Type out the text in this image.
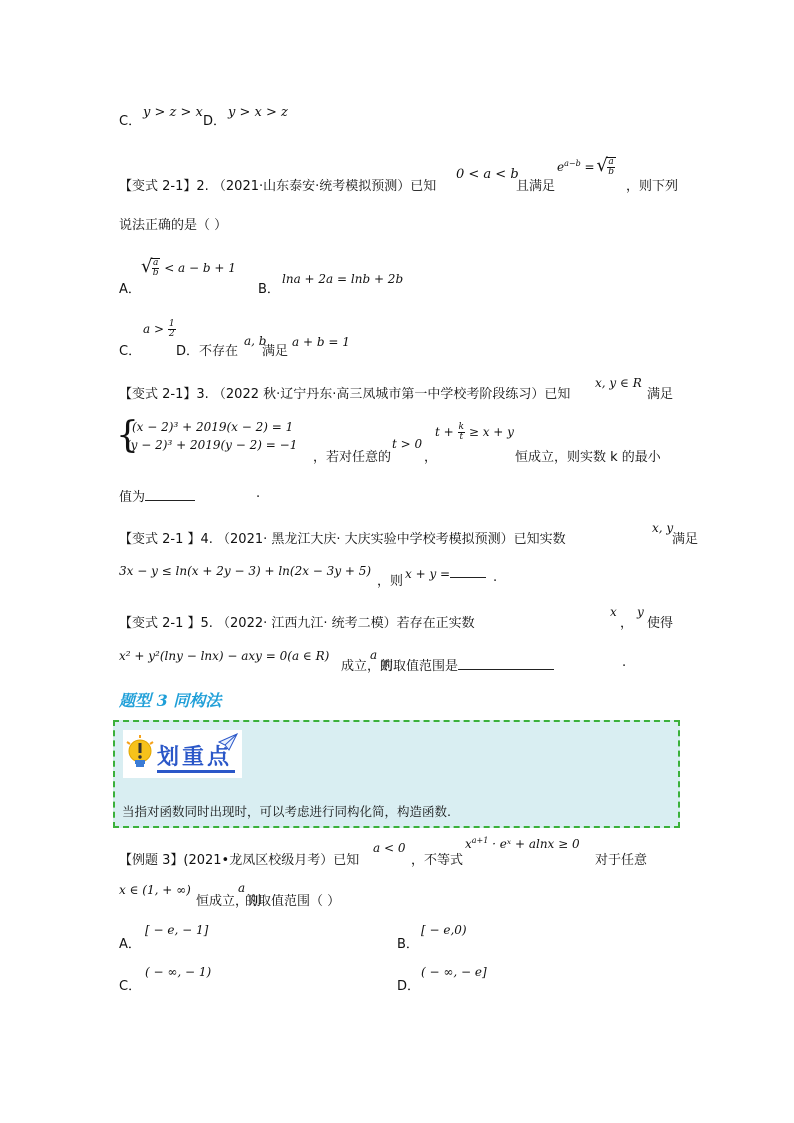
C．
y > z > x
D．
y > x > z
【变式 2-1】2. （2021·山东泰安·统考模拟预测）已知
0 < a < b
且满足
$e^{a-b}$ =
√ $\frac{a}{b}$
，则下列
说法正确的是（ ）
A．
√ $\frac{a}{b} < a - b + 1$
B．
lna + 2a = lnb + 2b
C．
$a > \frac{1}{2}$
D．不存在
a, b
满足
a + b = 1
【变式 2-1】3. （2022 秋·辽宁丹东·高三凤城市第一中学校考阶段练习）已知
x, y ∈ R
满足
{
(x − 2)³ + 2019(x − 2) = 1
(y − 2)³ + 2019(y − 2) = −1
，若对任意的
t > 0
，
$t + \frac{k}{t} \ge x + y$
恒成立，则实数 k 的最小
值为	.
【变式 2-1 】4. （2021· 黑龙江大庆· 大庆实验中学校考模拟预测）已知实数
x, y
满足
3x − y ≤ ln(x + 2y − 3) + ln(2x − 3y + 5)
，则 x + y =	.
【变式 2-1 】5. （2022· 江西九江· 统考二模）若存在正实数
x
，
y
使得
x² + y²(lny − lnx) − axy = 0(a ∈ R)
成立，则
a
的取值范围是	.
题型 3 同构法
划重点
当指对函数同时出现时，可以考虑进行同构化简，构造函数.
【例题 3】(2021•龙凤区校级月考）已知
a < 0
，不等式
$x^{a+1}$ · eˣ + alnx ≥ 0
对于任意
x ∈ (1, + ∞)
恒成立，则
a
的取值范围（ ）
A．
[ − e, − 1]
B．
[ − e,0)
C．
( − ∞, − 1)
D．
( − ∞, − e]
